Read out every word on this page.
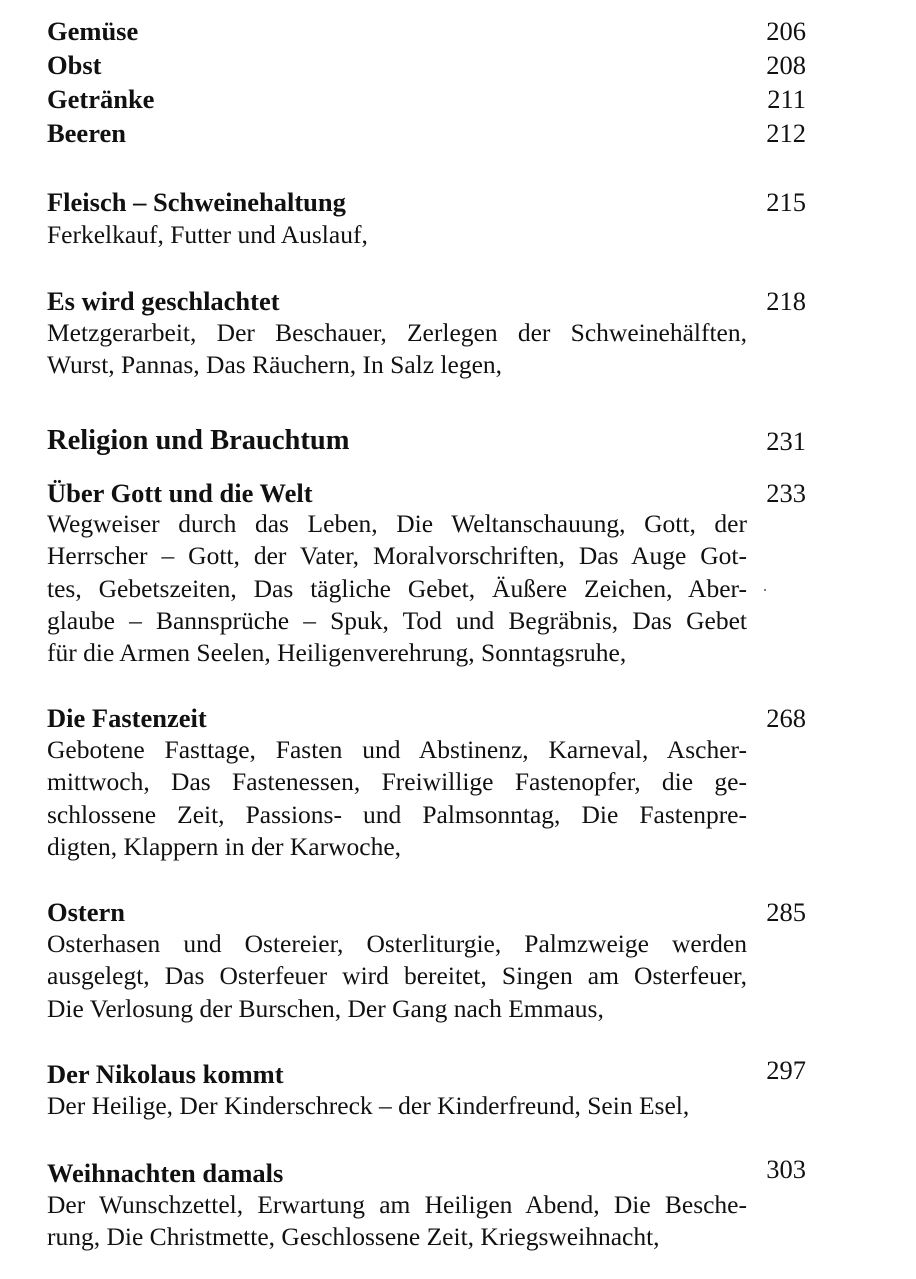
Gemüse	206
Obst	208
Getränke	211
Beeren	212
Fleisch – Schweinehaltung	215
Ferkelkauf, Futter und Auslauf,
Es wird geschlachtet	218
Metzgerarbeit, Der Beschauer, Zerlegen der Schweinehälften,
Wurst, Pannas, Das Räuchern, In Salz legen,
Religion und Brauchtum	231
Über Gott und die Welt	233
Wegweiser durch das Leben, Die Weltanschauung, Gott, der
Herrscher – Gott, der Vater, Moralvorschriften, Das Auge Got-
tes, Gebetszeiten, Das tägliche Gebet, Äußere Zeichen, Aber-
glaube – Bannsprüche – Spuk, Tod und Begräbnis, Das Gebet
für die Armen Seelen, Heiligenverehrung, Sonntagsruhe,
Die Fastenzeit	268
Gebotene Fasttage, Fasten und Abstinenz, Karneval, Ascher-
mittwoch, Das Fastenessen, Freiwillige Fastenopfer, die ge-
schlossene Zeit, Passions- und Palmsonntag, Die Fastenpre-
digten, Klappern in der Karwoche,
Ostern	285
Osterhasen und Ostereier, Osterliturgie, Palmzweige werden
ausgelegt, Das Osterfeuer wird bereitet, Singen am Osterfeuer,
Die Verlosung der Burschen, Der Gang nach Emmaus,
Der Nikolaus kommt	297
Der Heilige, Der Kinderschreck – der Kinderfreund, Sein Esel,
Weihnachten damals	303
Der Wunschzettel, Erwartung am Heiligen Abend, Die Besche-
rung, Die Christmette, Geschlossene Zeit, Kriegsweihnacht,
